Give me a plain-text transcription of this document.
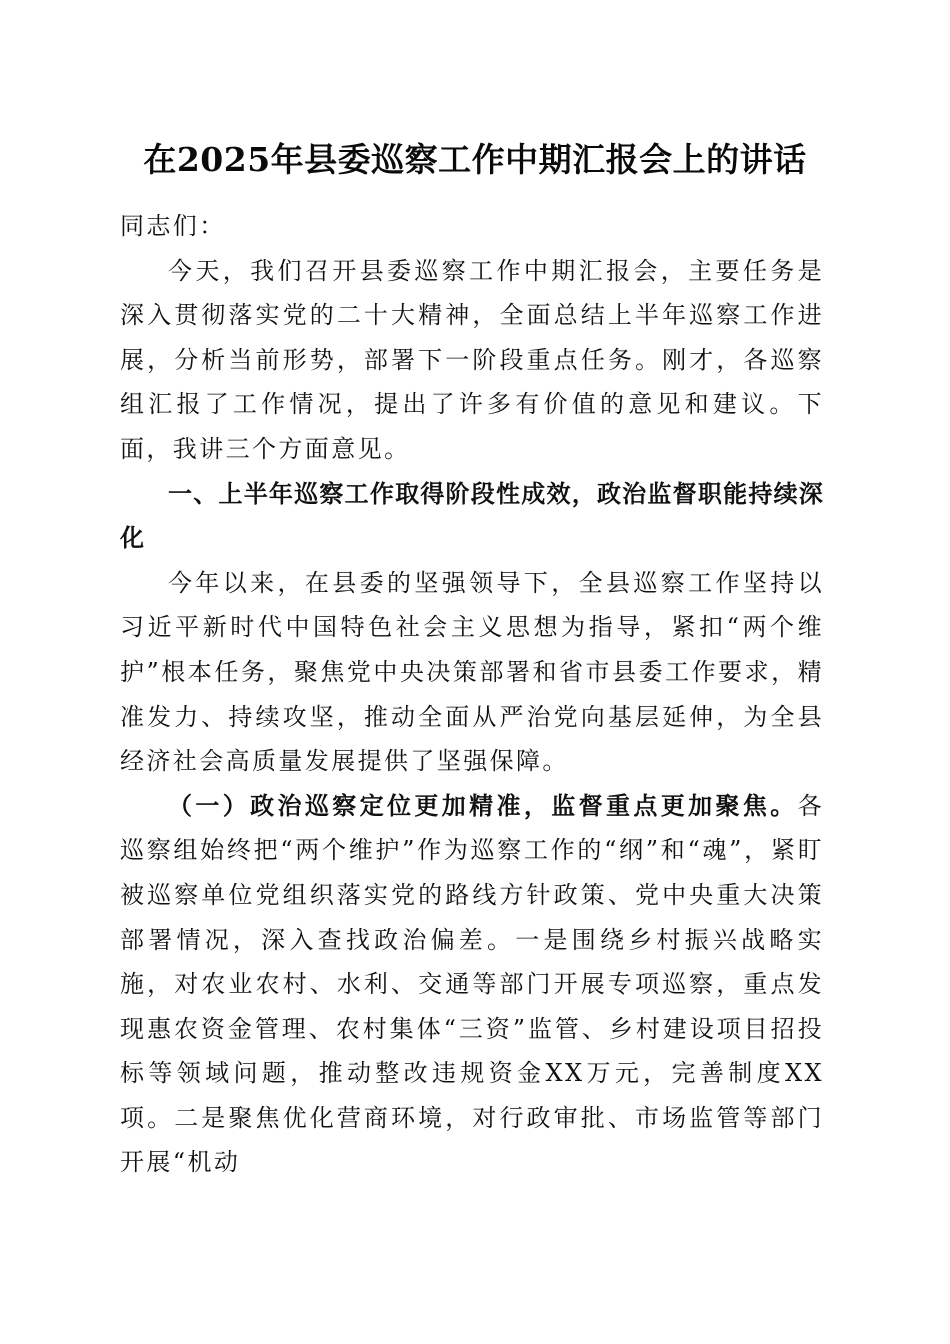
在2025年县委巡察工作中期汇报会上的讲话

同志们：

今天，我们召开县委巡察工作中期汇报会，主要任务是深入贯彻落实党的二十大精神，全面总结上半年巡察工作进展，分析当前形势，部署下一阶段重点任务。刚才，各巡察组汇报了工作情况，提出了许多有价值的意见和建议。下面，我讲三个方面意见。

一、上半年巡察工作取得阶段性成效，政治监督职能持续深化

今年以来，在县委的坚强领导下，全县巡察工作坚持以习近平新时代中国特色社会主义思想为指导，紧扣“两个维护”根本任务，聚焦党中央决策部署和省市县委工作要求，精准发力、持续攻坚，推动全面从严治党向基层延伸，为全县经济社会高质量发展提供了坚强保障。

（一）政治巡察定位更加精准，监督重点更加聚焦。各巡察组始终把“两个维护”作为巡察工作的“纲”和“魂”，紧盯被巡察单位党组织落实党的路线方针政策、党中央重大决策部署情况，深入查找政治偏差。一是围绕乡村振兴战略实施，对农业农村、水利、交通等部门开展专项巡察，重点发现惠农资金管理、农村集体“三资”监管、乡村建设项目招投标等领域问题，推动整改违规资金XX万元，完善制度XX项。二是聚焦优化营商环境，对行政审批、市场监管等部门开展“机动
